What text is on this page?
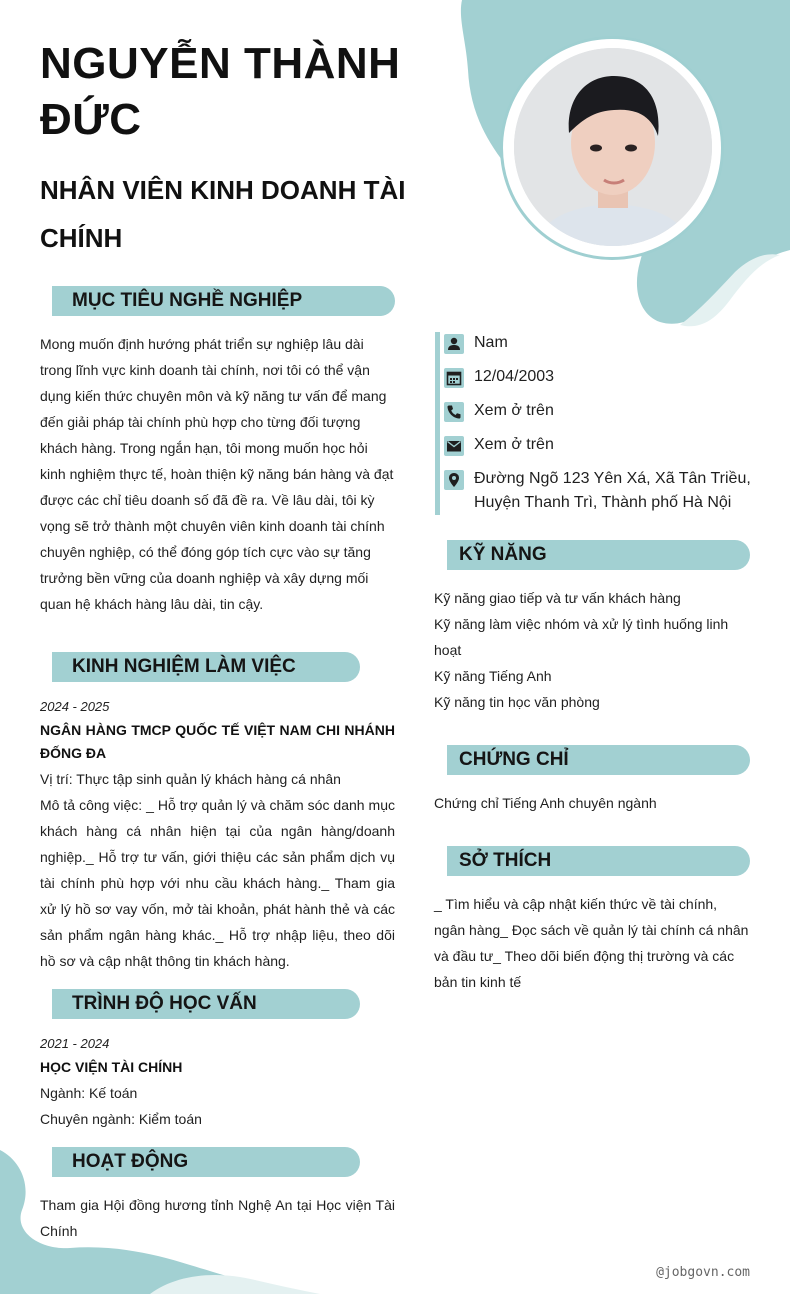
NGUYỄN THÀNH ĐỨC
NHÂN VIÊN KINH DOANH TÀI CHÍNH
MỤC TIÊU NGHỀ NGHIỆP
Mong muốn định hướng phát triển sự nghiệp lâu dài trong lĩnh vực kinh doanh tài chính, nơi tôi có thể vận dụng kiến thức chuyên môn và kỹ năng tư vấn để mang đến giải pháp tài chính phù hợp cho từng đối tượng khách hàng. Trong ngắn hạn, tôi mong muốn học hỏi kinh nghiệm thực tế, hoàn thiện kỹ năng bán hàng và đạt được các chỉ tiêu doanh số đã đề ra. Về lâu dài, tôi kỳ vọng sẽ trở thành một chuyên viên kinh doanh tài chính chuyên nghiệp, có thể đóng góp tích cực vào sự tăng trưởng bền vững của doanh nghiệp và xây dựng mối quan hệ khách hàng lâu dài, tin cậy.
KINH NGHIỆM LÀM VIỆC
2024 - 2025
NGÂN HÀNG TMCP QUỐC TẾ VIỆT NAM CHI NHÁNH ĐỐNG ĐA
Vị trí: Thực tập sinh quản lý khách hàng cá nhân
Mô tả công việc: _ Hỗ trợ quản lý và chăm sóc danh mục khách hàng cá nhân hiện tại của ngân hàng/doanh nghiệp._ Hỗ trợ tư vấn, giới thiệu các sản phẩm dịch vụ tài chính phù hợp với nhu cầu khách hàng._ Tham gia xử lý hồ sơ vay vốn, mở tài khoản, phát hành thẻ và các sản phẩm ngân hàng khác._ Hỗ trợ nhập liệu, theo dõi hồ sơ và cập nhật thông tin khách hàng.
TRÌNH ĐỘ HỌC VẤN
2021 - 2024
HỌC VIỆN TÀI CHÍNH
Ngành: Kế toán
Chuyên ngành: Kiểm toán
HOẠT ĐỘNG
Tham gia Hội đồng hương tỉnh Nghệ An tại Học viện Tài Chính
Nam
12/04/2003
Xem ở trên
Xem ở trên
Đường Ngõ 123 Yên Xá, Xã Tân Triều, Huyện Thanh Trì, Thành phố Hà Nội
KỸ NĂNG
Kỹ năng giao tiếp và tư vấn khách hàng
Kỹ năng làm việc nhóm và xử lý tình huống linh hoạt
Kỹ năng Tiếng Anh
Kỹ năng tin học văn phòng
CHỨNG CHỈ
Chứng chỉ Tiếng Anh chuyên ngành
SỞ THÍCH
_ Tìm hiểu và cập nhật kiến thức về tài chính, ngân hàng_ Đọc sách về quản lý tài chính cá nhân và đầu tư_ Theo dõi biến động thị trường và các bản tin kinh tế
@jobgovn.com
